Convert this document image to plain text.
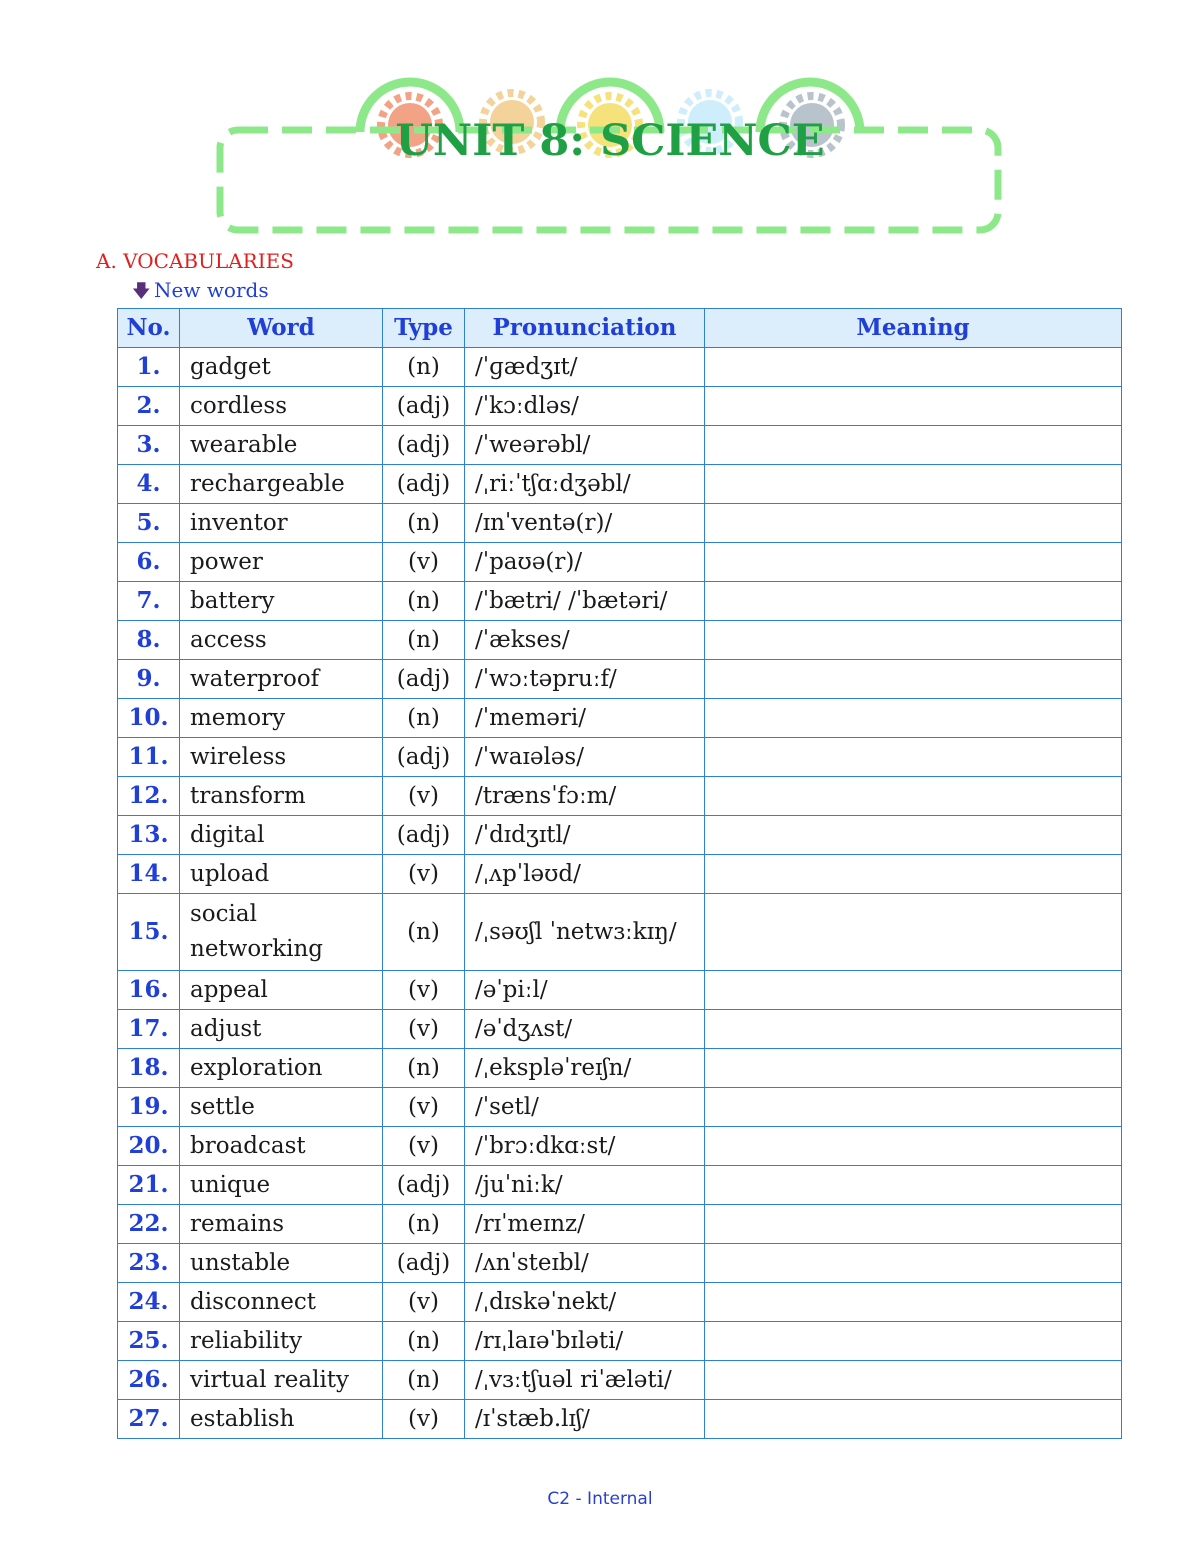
UNIT 8: SCIENCE
A. VOCABULARIES
🡇 New words
No.	Word	Type	Pronunciation	Meaning
1.	gadget	(n)	/ˈɡædʒɪt/	
2.	cordless	(adj)	/ˈkɔːdləs/	
3.	wearable	(adj)	/ˈweərəbl/	
4.	rechargeable	(adj)	/ˌriːˈtʃɑːdʒəbl/	
5.	inventor	(n)	/ɪnˈventə(r)/	
6.	power	(v)	/ˈpaʊə(r)/	
7.	battery	(n)	/ˈbætri/ /ˈbætəri/	
8.	access	(n)	/ˈækses/	
9.	waterproof	(adj)	/ˈwɔːtəpruːf/	
10.	memory	(n)	/ˈmeməri/	
11.	wireless	(adj)	/ˈwaɪələs/	
12.	transform	(v)	/trænsˈfɔːm/	
13.	digital	(adj)	/ˈdɪdʒɪtl/	
14.	upload	(v)	/ˌʌpˈləʊd/	
15.	social networking	(n)	/ˌsəʊʃl ˈnetwɜːkɪŋ/	
16.	appeal	(v)	/əˈpiːl/	
17.	adjust	(v)	/əˈdʒʌst/	
18.	exploration	(n)	/ˌekspləˈreɪʃn/	
19.	settle	(v)	/ˈsetl/	
20.	broadcast	(v)	/ˈbrɔːdkɑːst/	
21.	unique	(adj)	/juˈniːk/	
22.	remains	(n)	/rɪˈmeɪnz/	
23.	unstable	(adj)	/ʌnˈsteɪbl/	
24.	disconnect	(v)	/ˌdɪskəˈnekt/	
25.	reliability	(n)	/rɪˌlaɪəˈbɪləti/	
26.	virtual reality	(n)	/ˌvɜːtʃuəl riˈæləti/	
27.	establish	(v)	/ɪˈstæb.lɪʃ/	
C2 - Internal
